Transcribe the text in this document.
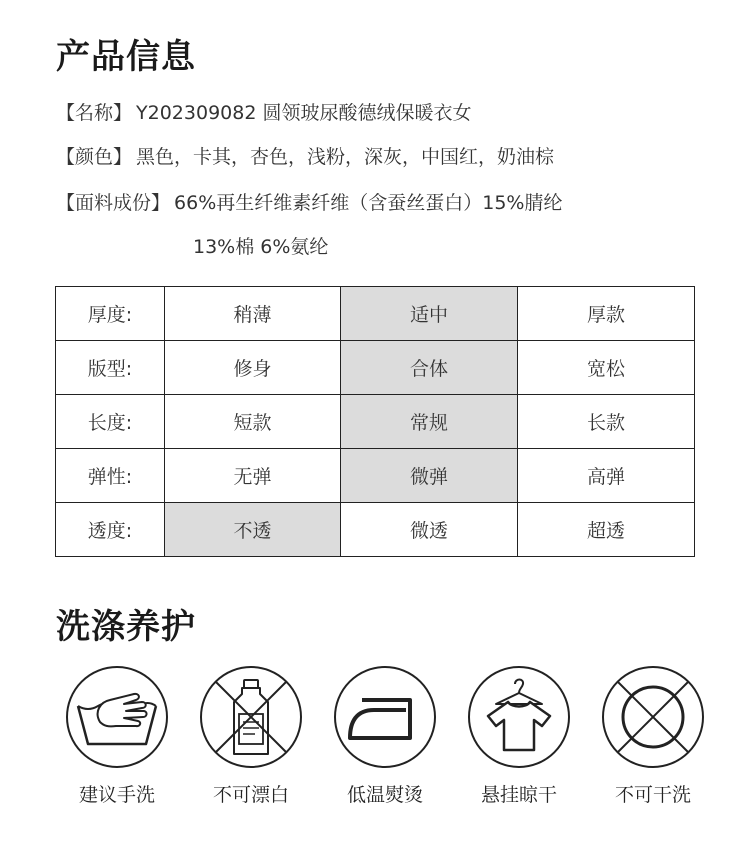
产品信息
【名称】 Y202309082 圆领玻尿酸德绒保暖衣女
【颜色】 黑色，卡其，杏色，浅粉，深灰，中国红，奶油棕
【面料成份】 66%再生纤维素纤维（含蚕丝蛋白）15%腈纶
13%棉 6%氨纶
厚度:	稍薄	适中	厚款
版型:	修身	合体	宽松
长度:	短款	常规	长款
弹性:	无弹	微弹	高弹
透度:	不透	微透	超透
洗涤养护
建议手洗	不可漂白	低温熨烫	悬挂晾干	不可干洗
